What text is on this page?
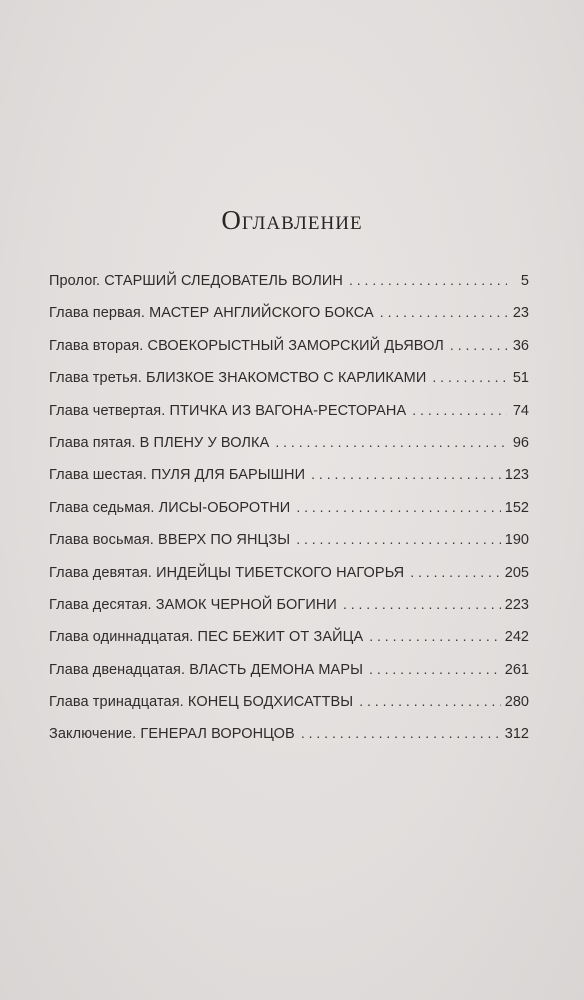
Оглавление
Пролог. СТАРШИЙ СЛЕДОВАТЕЛЬ ВОЛИН . . .	5
Глава первая. МАСТЕР АНГЛИЙСКОГО БОКСА . . .	23
Глава вторая. СВОЕКОРЫСТНЫЙ ЗАМОРСКИЙ ДЬЯВОЛ . . .	36
Глава третья. БЛИЗКОЕ ЗНАКОМСТВО С КАРЛИКАМИ . . .	51
Глава четвертая. ПТИЧКА ИЗ ВАГОНА-РЕСТОРАНА . . .	74
Глава пятая. В ПЛЕНУ У ВОЛКА . . .	96
Глава шестая. ПУЛЯ ДЛЯ БАРЫШНИ . . .	123
Глава седьмая. ЛИСЫ-ОБОРОТНИ . . .	152
Глава восьмая. ВВЕРХ ПО ЯНЦЗЫ . . .	190
Глава девятая. ИНДЕЙЦЫ ТИБЕТСКОГО НАГОРЬЯ . . .	205
Глава десятая. ЗАМОК ЧЕРНОЙ БОГИНИ . . .	223
Глава одиннадцатая. ПЕС БЕЖИТ ОТ ЗАЙЦА . . .	242
Глава двенадцатая. ВЛАСТЬ ДЕМОНА МАРЫ . . .	261
Глава тринадцатая. КОНЕЦ БОДХИСАТТВЫ . . .	280
Заключение. ГЕНЕРАЛ ВОРОНЦОВ . . .	312
